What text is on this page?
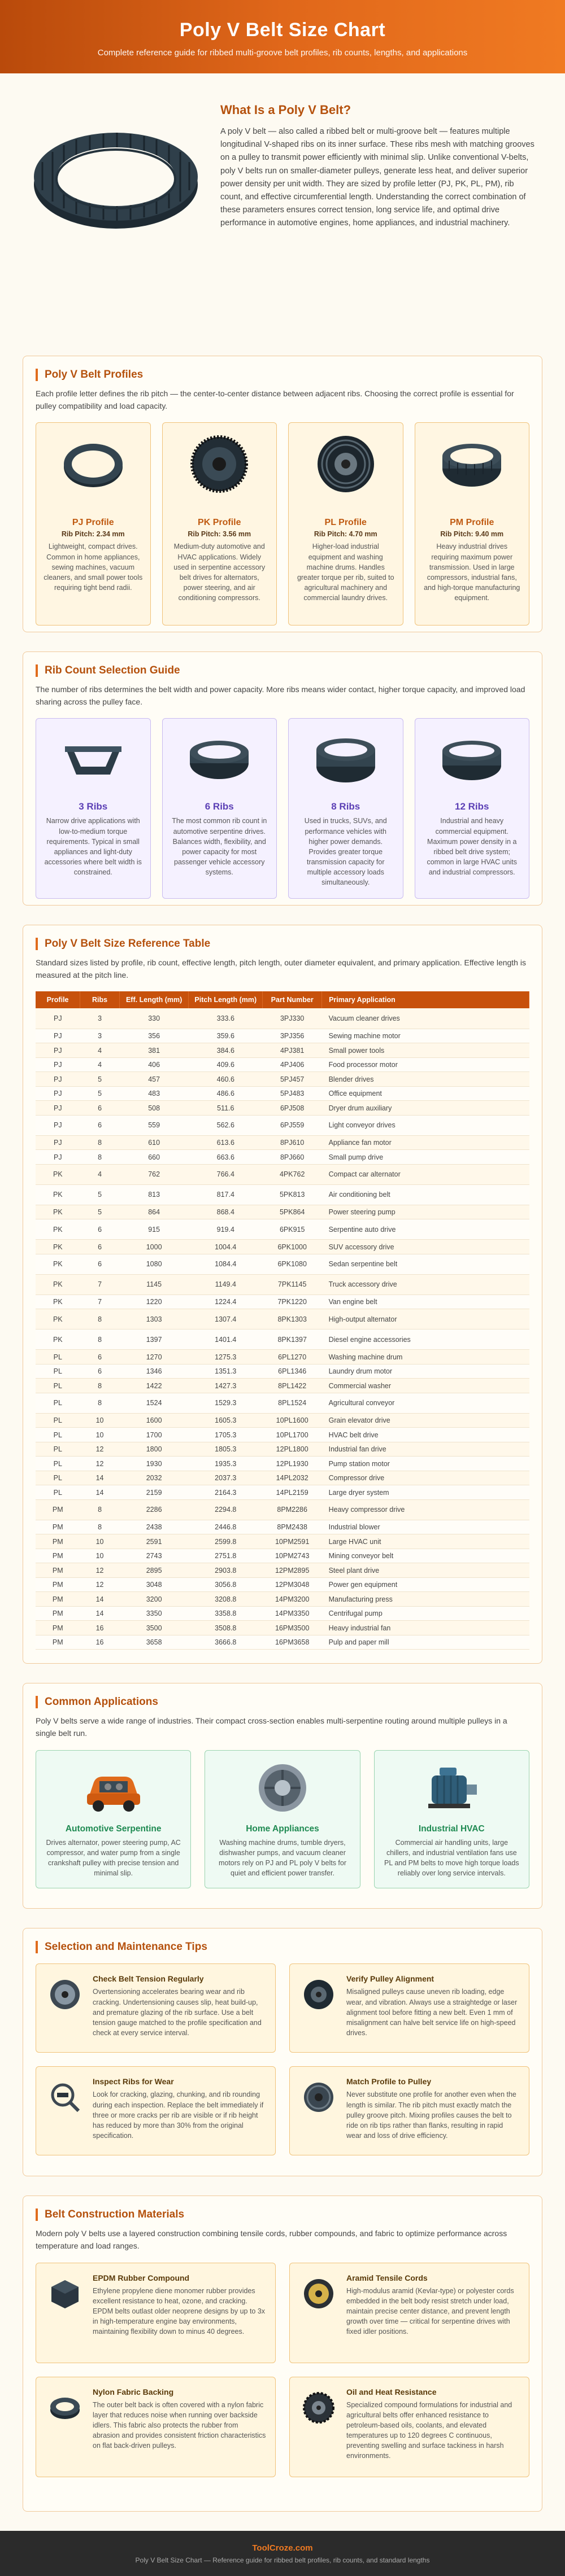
Poly V Belt Size Chart

Complete reference guide for ribbed multi-groove belt profiles, rib counts, lengths, and applications

What Is a Poly V Belt?

A poly V belt — also called a ribbed belt or multi-groove belt — features multiple longitudinal V-shaped ribs on its inner surface. These ribs mesh with matching grooves on a pulley to transmit power efficiently with minimal slip. Unlike conventional V-belts, poly V belts run on smaller-diameter pulleys, generate less heat, and deliver superior power density per unit width. They are sized by profile letter (PJ, PK, PL, PM), rib count, and effective circumferential length. Understanding the correct combination of these parameters ensures correct tension, long service life, and optimal drive performance in automotive engines, home appliances, and industrial machinery.

Poly V Belt Profiles

Each profile letter defines the rib pitch — the center-to-center distance between adjacent ribs. Choosing the correct profile is essential for pulley compatibility and load capacity.

PJ Profile
Rib Pitch: 2.34 mm
Lightweight, compact drives. Common in home appliances, sewing machines, vacuum cleaners, and small power tools requiring tight bend radii.
PK Profile
Rib Pitch: 3.56 mm
Medium-duty automotive and HVAC applications. Widely used in serpentine accessory belt drives for alternators, power steering, and air conditioning compressors.
PL Profile
Rib Pitch: 4.70 mm
Higher-load industrial equipment and washing machine drums. Handles greater torque per rib, suited to agricultural machinery and commercial laundry drives.
PM Profile
Rib Pitch: 9.40 mm
Heavy industrial drives requiring maximum power transmission. Used in large compressors, industrial fans, and high-torque manufacturing equipment.
Rib Count Selection Guide

The number of ribs determines the belt width and power capacity. More ribs means wider contact, higher torque capacity, and improved load sharing across the pulley face.

3 Ribs
Narrow drive applications with low-to-medium torque requirements. Typical in small appliances and light-duty accessories where belt width is constrained.
6 Ribs
The most common rib count in automotive serpentine drives. Balances width, flexibility, and power capacity for most passenger vehicle accessory systems.
8 Ribs
Used in trucks, SUVs, and performance vehicles with higher power demands. Provides greater torque transmission capacity for multiple accessory loads simultaneously.
12 Ribs
Industrial and heavy commercial equipment. Maximum power density in a ribbed belt drive system; common in large HVAC units and industrial compressors.
Poly V Belt Size Reference Table

Standard sizes listed by profile, rib count, effective length, pitch length, outer diameter equivalent, and primary application. Effective length is measured at the pitch line.

Profile	Ribs	Eff. Length (mm)	Pitch Length (mm)	Part Number	Primary Application
PJ	3	330	333.6	3PJ330	Vacuum cleaner drives
PJ	3	356	359.6	3PJ356	Sewing machine motor
PJ	4	381	384.6	4PJ381	Small power tools
PJ	4	406	409.6	4PJ406	Food processor motor
PJ	5	457	460.6	5PJ457	Blender drives
PJ	5	483	486.6	5PJ483	Office equipment
PJ	6	508	511.6	6PJ508	Dryer drum auxiliary
PJ	6	559	562.6	6PJ559	Light conveyor drives
PJ	8	610	613.6	8PJ610	Appliance fan motor
PJ	8	660	663.6	8PJ660	Small pump drive
PK	4	762	766.4	4PK762	Compact car alternator
PK	5	813	817.4	5PK813	Air conditioning belt
PK	5	864	868.4	5PK864	Power steering pump
PK	6	915	919.4	6PK915	Serpentine auto drive
PK	6	1000	1004.4	6PK1000	SUV accessory drive
PK	6	1080	1084.4	6PK1080	Sedan serpentine belt
PK	7	1145	1149.4	7PK1145	Truck accessory drive
PK	7	1220	1224.4	7PK1220	Van engine belt
PK	8	1303	1307.4	8PK1303	High-output alternator
PK	8	1397	1401.4	8PK1397	Diesel engine accessories
PL	6	1270	1275.3	6PL1270	Washing machine drum
PL	6	1346	1351.3	6PL1346	Laundry drum motor
PL	8	1422	1427.3	8PL1422	Commercial washer
PL	8	1524	1529.3	8PL1524	Agricultural conveyor
PL	10	1600	1605.3	10PL1600	Grain elevator drive
PL	10	1700	1705.3	10PL1700	HVAC belt drive
PL	12	1800	1805.3	12PL1800	Industrial fan drive
PL	12	1930	1935.3	12PL1930	Pump station motor
PL	14	2032	2037.3	14PL2032	Compressor drive
PL	14	2159	2164.3	14PL2159	Large dryer system
PM	8	2286	2294.8	8PM2286	Heavy compressor drive
PM	8	2438	2446.8	8PM2438	Industrial blower
PM	10	2591	2599.8	10PM2591	Large HVAC unit
PM	10	2743	2751.8	10PM2743	Mining conveyor belt
PM	12	2895	2903.8	12PM2895	Steel plant drive
PM	12	3048	3056.8	12PM3048	Power gen equipment
PM	14	3200	3208.8	14PM3200	Manufacturing press
PM	14	3350	3358.8	14PM3350	Centrifugal pump
PM	16	3500	3508.8	16PM3500	Heavy industrial fan
PM	16	3658	3666.8	16PM3658	Pulp and paper mill
Common Applications

Poly V belts serve a wide range of industries. Their compact cross-section enables multi-serpentine routing around multiple pulleys in a single belt run.

Automotive Serpentine
Drives alternator, power steering pump, AC compressor, and water pump from a single crankshaft pulley with precise tension and minimal slip.
Home Appliances
Washing machine drums, tumble dryers, dishwasher pumps, and vacuum cleaner motors rely on PJ and PL poly V belts for quiet and efficient power transfer.
Industrial HVAC
Commercial air handling units, large chillers, and industrial ventilation fans use PL and PM belts to move high torque loads reliably over long service intervals.
Selection and Maintenance Tips
Check Belt Tension Regularly
Overtensioning accelerates bearing wear and rib cracking. Undertensioning causes slip, heat build-up, and premature glazing of the rib surface. Use a belt tension gauge matched to the profile specification and check at every service interval.
Verify Pulley Alignment
Misaligned pulleys cause uneven rib loading, edge wear, and vibration. Always use a straightedge or laser alignment tool before fitting a new belt. Even 1 mm of misalignment can halve belt service life on high-speed drives.
Inspect Ribs for Wear
Look for cracking, glazing, chunking, and rib rounding during each inspection. Replace the belt immediately if three or more cracks per rib are visible or if rib height has reduced by more than 30% from the original specification.
Match Profile to Pulley
Never substitute one profile for another even when the length is similar. The rib pitch must exactly match the pulley groove pitch. Mixing profiles causes the belt to ride on rib tips rather than flanks, resulting in rapid wear and loss of drive efficiency.
Belt Construction Materials

Modern poly V belts use a layered construction combining tensile cords, rubber compounds, and fabric to optimize performance across temperature and load ranges.

EPDM Rubber Compound
Ethylene propylene diene monomer rubber provides excellent resistance to heat, ozone, and cracking. EPDM belts outlast older neoprene designs by up to 3x in high-temperature engine bay environments, maintaining flexibility down to minus 40 degrees.
Aramid Tensile Cords
High-modulus aramid (Kevlar-type) or polyester cords embedded in the belt body resist stretch under load, maintain precise center distance, and prevent length growth over time — critical for serpentine drives with fixed idler positions.
Nylon Fabric Backing
The outer belt back is often covered with a nylon fabric layer that reduces noise when running over backside idlers. This fabric also protects the rubber from abrasion and provides consistent friction characteristics on flat back-driven pulleys.
Oil and Heat Resistance
Specialized compound formulations for industrial and agricultural belts offer enhanced resistance to petroleum-based oils, coolants, and elevated temperatures up to 120 degrees C continuous, preventing swelling and surface tackiness in harsh environments.
ToolCroze.com
Poly V Belt Size Chart — Reference guide for ribbed belt profiles, rib counts, and standard lengths
